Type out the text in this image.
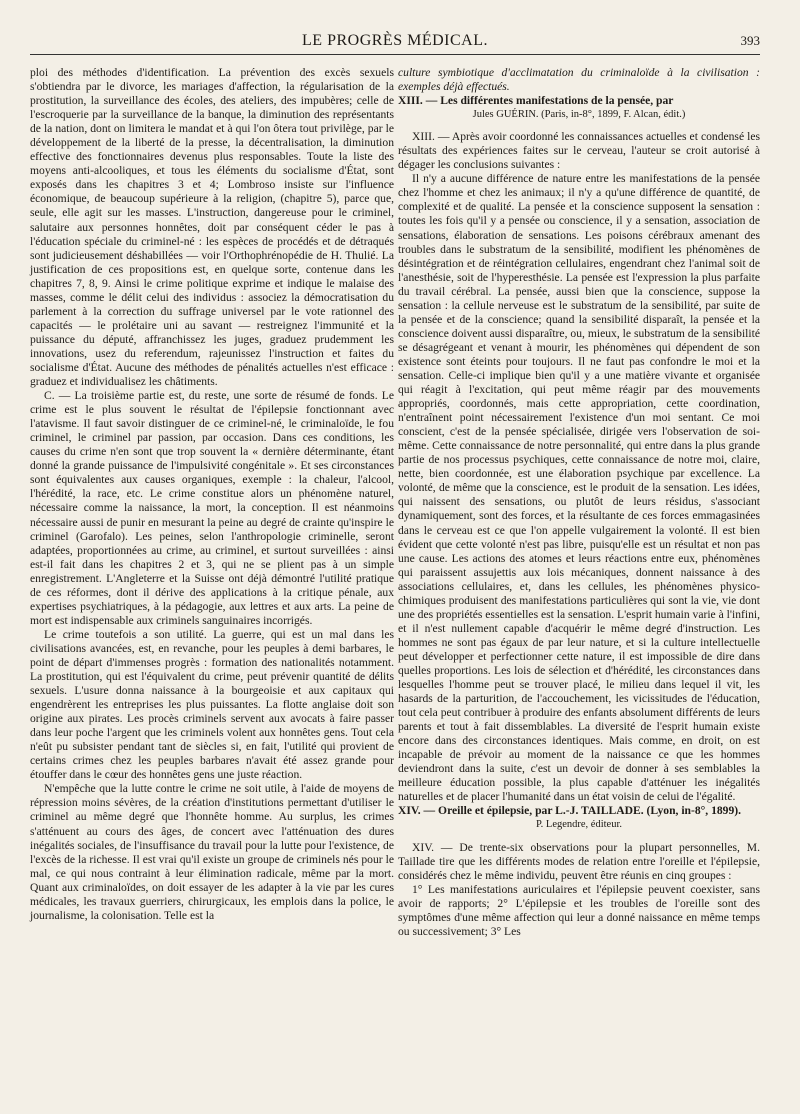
LE PROGRÈS MÉDICAL.	393

ploi des méthodes d'identification. La prévention des excès sexuels s'obtiendra par le divorce, les mariages d'affection, la régularisation de la prostitution, la surveillance des écoles, des ateliers, des impubères; celle de l'escroquerie par la surveillance de la banque, la diminution des représentants de la nation, dont on limitera le mandat et à qui l'on ôtera tout privilège, par le développement de la liberté de la presse, la décentralisation, la diminution effective des fonctionnaires devenus plus responsables. Toute la liste des moyens anti-alcooliques, et tous les éléments du socialisme d'État, sont exposés dans les chapitres 3 et 4; Lombroso insiste sur l'influence économique, de beaucoup supérieure à la religion, (chapitre 5), parce que, seule, elle agit sur les masses. L'instruction, dangereuse pour le criminel, salutaire aux personnes honnêtes, doit par conséquent céder le pas à l'éducation spéciale du criminel-né : les espèces de procédés et de détraqués sont judicieusement déshabillées — voir l'Orthophrénopédie de H. Thulié. La justification de ces propositions est, en quelque sorte, contenue dans les chapitres 7, 8, 9. Ainsi le crime politique exprime et indique le malaise des masses, comme le délit celui des individus : associez la démocratisation du parlement à la correction du suffrage universel par le vote rationnel des capacités — le prolétaire uni au savant — restreignez l'immunité et la puissance du député, affranchissez les juges, graduez prudemment les innovations, usez du referendum, rajeunissez l'instruction et faites du socialisme d'État. Aucune des méthodes de pénalités actuelles n'est efficace : graduez et individualisez les châtiments.

C. — La troisième partie est, du reste, une sorte de résumé de fonds. Le crime est le plus souvent le résultat de l'épilepsie fonctionnant avec l'atavisme. Il faut savoir distinguer de ce criminel-né, le criminaloïde, le fou criminel, le criminel par passion, par occasion. Dans ces conditions, les causes du crime n'en sont que trop souvent la « dernière déterminante, étant donné la grande puissance de l'impulsivité congénitale ». Et ses circonstances sont équivalentes aux causes organiques, exemple : la chaleur, l'alcool, l'hérédité, la race, etc. Le crime constitue alors un phénomène naturel, nécessaire comme la naissance, la mort, la conception. Il est néanmoins nécessaire aussi de punir en mesurant la peine au degré de crainte qu'inspire le criminel (Garofalo). Les peines, selon l'anthropologie criminelle, seront adaptées, proportionnées au crime, au criminel, et surtout surveillées : ainsi est-il fait dans les chapitres 2 et 3, qui ne se plient pas à un simple enregistrement. L'Angleterre et la Suisse ont déjà démontré l'utilité pratique de ces réformes, dont il dérive des applications à la critique pénale, aux expertises psychiatriques, à la pédagogie, aux lettres et aux arts. La peine de mort est indispensable aux criminels sanguinaires incorrigés.

Le crime toutefois a son utilité. La guerre, qui est un mal dans les civilisations avancées, est, en revanche, pour les peuples à demi barbares, le point de départ d'immenses progrès : formation des nationalités notamment. La prostitution, qui est l'équivalent du crime, peut prévenir quantité de délits sexuels. L'usure donna naissance à la bourgeoisie et aux capitaux qui engendrèrent les entreprises les plus puissantes. La flotte anglaise doit son origine aux pirates. Les procès criminels servent aux avocats à faire passer dans leur poche l'argent que les criminels volent aux honnêtes gens. Tout cela n'eût pu subsister pendant tant de siècles si, en fait, l'utilité qui provient de certains crimes chez les peuples barbares n'avait été assez grande pour étouffer dans le cœur des honnêtes gens une juste réaction.

N'empêche que la lutte contre le crime ne soit utile, à l'aide de moyens de répression moins sévères, de la création d'institutions permettant d'utiliser le criminel au même degré que l'honnête homme. Au surplus, les crimes s'atténuent au cours des âges, de concert avec l'atténuation des dures inégalités sociales, de l'insuffisance du travail pour la lutte pour l'existence, de l'excès de la richesse. Il est vrai qu'il existe un groupe de criminels nés pour le mal, ce qui nous contraint à leur élimination radicale, même par la mort. Quant aux criminaloïdes, on doit essayer de les adapter à la vie par les cures médicales, les travaux guerriers, chirurgicaux, les emplois dans la police, le journalisme, la colonisation. Telle est la

culture symbiotique d'acclimatation du criminaloïde à la civilisation : exemples déjà effectués.

XIII. — Les différentes manifestations de la pensée, par

Jules GUÉRIN. (Paris, in-8°, 1899, F. Alcan, édit.)

XIII. — Après avoir coordonné les connaissances actuelles et condensé les résultats des expériences faites sur le cerveau, l'auteur se croit autorisé à dégager les conclusions suivantes :

Il n'y a aucune différence de nature entre les manifestations de la pensée chez l'homme et chez les animaux; il n'y a qu'une différence de quantité, de complexité et de qualité. La pensée et la conscience supposent la sensation : toutes les fois qu'il y a pensée ou conscience, il y a sensation, association de sensations, élaboration de sensations. Les poisons cérébraux amenant des troubles dans le substratum de la sensibilité, modifient les phénomènes de désintégration et de réintégration cellulaires, engendrant chez l'animal soit de l'anesthésie, soit de l'hyperesthésie. La pensée est l'expression la plus parfaite du travail cérébral. La pensée, aussi bien que la conscience, suppose la sensation : la cellule nerveuse est le substratum de la sensibilité, par suite de la pensée et de la conscience; quand la sensibilité disparaît, la pensée et la conscience doivent aussi disparaître, ou, mieux, le substratum de la sensibilité se désagrégeant et venant à mourir, les phénomènes qui dépendent de son existence sont éteints pour toujours. Il ne faut pas confondre le moi et la sensation. Celle-ci implique bien qu'il y a une matière vivante et organisée qui réagit à l'excitation, qui peut même réagir par des mouvements appropriés, coordonnés, mais cette appropriation, cette coordination, n'entraînent point nécessairement l'existence d'un moi sentant. Ce moi conscient, c'est de la pensée spécialisée, dirigée vers l'observation de soi-même. Cette connaissance de notre personnalité, qui entre dans la plus grande partie de nos processus psychiques, cette connaissance de notre moi, claire, nette, bien coordonnée, est une élaboration psychique par excellence. La volonté, de même que la conscience, est le produit de la sensation. Les idées, qui naissent des sensations, ou plutôt de leurs résidus, s'associant dynamiquement, sont des forces, et la résultante de ces forces emmagasinées dans le cerveau est ce que l'on appelle vulgairement la volonté. Il est bien évident que cette volonté n'est pas libre, puisqu'elle est un résultat et non pas une cause. Les actions des atomes et leurs réactions entre eux, phénomènes qui paraissent assujettis aux lois mécaniques, donnent naissance à des associations cellulaires, et, dans les cellules, les phénomènes physico-chimiques produisent des manifestations particulières qui sont la vie, vie dont une des propriétés essentielles est la sensation. L'esprit humain varie à l'infini, et il n'est nullement capable d'acquérir le même degré d'instruction. Les hommes ne sont pas égaux de par leur nature, et si la culture intellectuelle peut développer et perfectionner cette nature, il est impossible de dire dans quelles proportions. Les lois de sélection et d'hérédité, les circonstances dans lesquelles l'homme peut se trouver placé, le milieu dans lequel il vit, les hasards de la parturition, de l'accouchement, les vicissitudes de l'éducation, tout cela peut contribuer à produire des enfants absolument différents de leurs parents et tout à fait dissemblables. La diversité de l'esprit humain existe encore dans des circonstances identiques. Mais comme, en droit, on est incapable de prévoir au moment de la naissance ce que les hommes deviendront dans la suite, c'est un devoir de donner à ses semblables la meilleure éducation possible, la plus capable d'atténuer les inégalités naturelles et de placer l'humanité dans un état voisin de celui de l'égalité.

XIV. — Oreille et épilepsie, par L.-J. TAILLADE. (Lyon, in-8°, 1899).

P. Legendre, éditeur.

XIV. — De trente-six observations pour la plupart personnelles, M. Taillade tire que les différents modes de relation entre l'oreille et l'épilepsie, considérés chez le même individu, peuvent être réunis en cinq groupes :

1° Les manifestations auriculaires et l'épilepsie peuvent coexister, sans avoir de rapports; 2° L'épilepsie et les troubles de l'oreille sont des symptômes d'une même affection qui leur a donné naissance en même temps ou successivement; 3° Les
